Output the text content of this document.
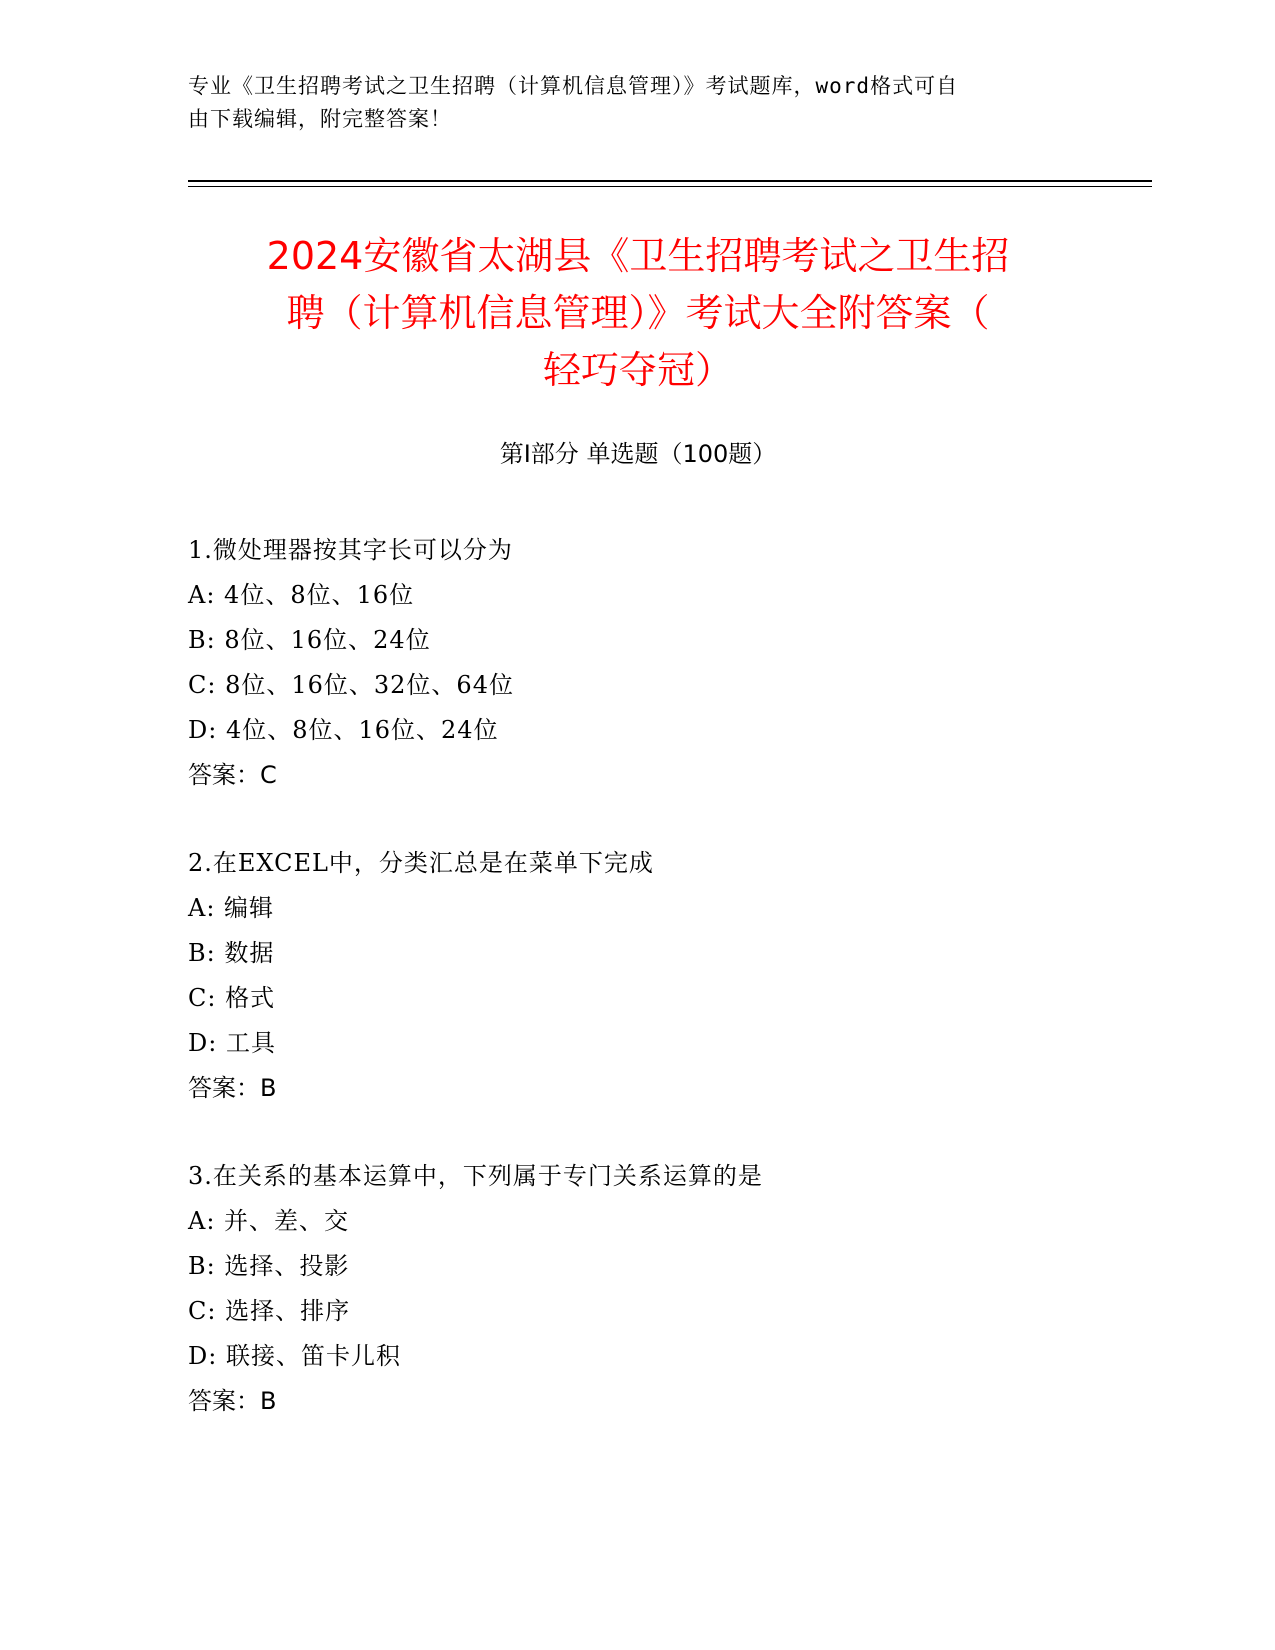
专业《卫生招聘考试之卫生招聘（计算机信息管理）》考试题库，word格式可自
由下载编辑，附完整答案！
2024安徽省太湖县《卫生招聘考试之卫生招
聘（计算机信息管理）》考试大全附答案（
轻巧夺冠）
第Ⅰ部分 单选题（100题）
1.微处理器按其字长可以分为
A: 4位、8位、16位
B: 8位、16位、24位
C: 8位、16位、32位、64位
D: 4位、8位、16位、24位
答案：C
2.在EXCEL中，分类汇总是在菜单下完成
A: 编辑
B: 数据
C: 格式
D: 工具
答案：B
3.在关系的基本运算中，下列属于专门关系运算的是
A: 并、差、交
B: 选择、投影
C: 选择、排序
D: 联接、笛卡儿积
答案：B
